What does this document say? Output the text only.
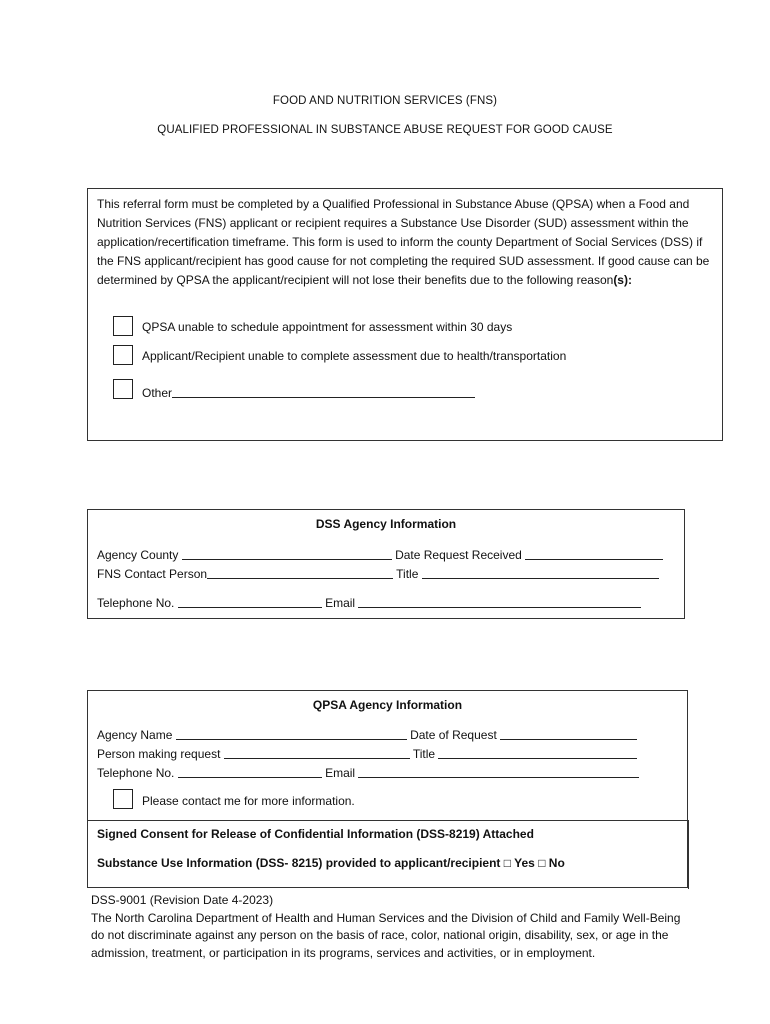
FOOD AND NUTRITION SERVICES (FNS)
QUALIFIED PROFESSIONAL IN SUBSTANCE ABUSE REQUEST FOR GOOD CAUSE
This referral form must be completed by a Qualified Professional in Substance Abuse (QPSA) when a Food and Nutrition Services (FNS) applicant or recipient requires a Substance Use Disorder (SUD) assessment within the application/recertification timeframe. This form is used to inform the county Department of Social Services (DSS) if the FNS applicant/recipient has good cause for not completing the required SUD assessment. If good cause can be determined by QPSA the applicant/recipient will not lose their benefits due to the following reason(s):
QPSA unable to schedule appointment for assessment within 30 days
Applicant/Recipient unable to complete assessment due to health/transportation
Other
DSS Agency Information
Agency County	Date Request Received
FNS Contact Person	Title
Telephone No.	Email
QPSA Agency Information
Agency Name	Date of Request
Person making request	Title
Telephone No.	Email
Please contact me for more information.
Signed Consent for Release of Confidential Information (DSS-8219) Attached
Substance Use Information (DSS- 8215) provided to applicant/recipient □ Yes □ No
DSS-9001 (Revision Date 4-2023)
The North Carolina Department of Health and Human Services and the Division of Child and Family Well-Being do not discriminate against any person on the basis of race, color, national origin, disability, sex, or age in the admission, treatment, or participation in its programs, services and activities, or in employment.
